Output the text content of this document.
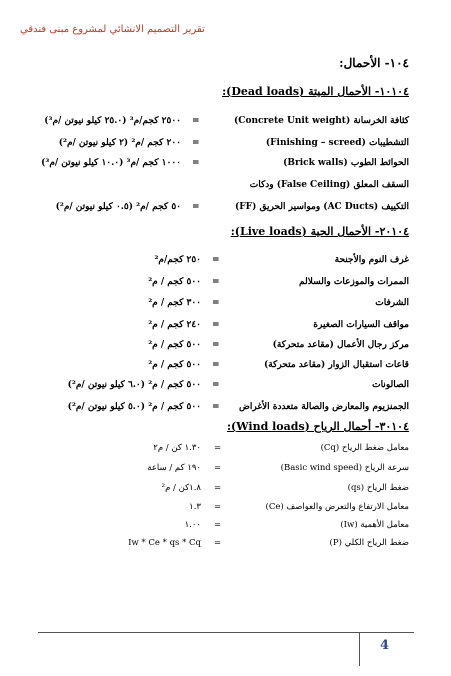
تقرير التصميم الانشائي لمشروع مبنى فندقي
١٠٤- الأحمال:
١٠١٠٤- الأحمال الميتة (Dead loads):
كثافة الخرسانة (Concrete Unit weight)
=
٢٥٠٠ كجم/م³ (٢٥.٠ كيلو نيوتن /م³)
التشطيبات (Finishing – screed)
=
٢٠٠ كجم /م² (٢ كيلو نيوتن /م²)
الحوائط الطوب (Brick walls)
=
١٠٠٠ كجم /م³ (١٠.٠ كيلو نيوتن /م³)
السقف المعلق (False Ceiling) ودكات
التكييف (AC Ducts) ومواسير الحريق (FF)
=
٥٠ كجم /م² (٠.٥ كيلو نيوتن /م²)
٢٠١٠٤- الأحمال الحية (Live loads):
غرف النوم والأجنحة
=
٢٥٠ كجم/م²
الممرات والموزعات والسلالم
=
٥٠٠ كجم / م²
الشرفات
=
٣٠٠ كجم / م²
مواقف السيارات الصغيرة
=
٢٤٠ كجم / م²
مركز رجال الأعمال (مقاعد متحركة)
=
٥٠٠ كجم / م²
قاعات استقبال الزوار (مقاعد متحركة)
=
٥٠٠ كجم / م²
الصالونات
=
٥٠٠ كجم / م² (٦.٠ كيلو نيوتن /م²)
الجمنزيوم والمعارض والصالة متعددة الأغراض
=
٥٠٠ كجم / م² (٥.٠ كيلو نيوتن /م²)
٣٠١٠٤- أحمال الرياح (Wind loads):
معامل ضغط الرياح (Cq)
=
١.٣٠ كن / م٢
سرعة الرياح (Basic wind speed)
=
١٩٠ كم / ساعة
ضغط الرياح (qs)
=
١.٨كن / م²
معامل الارتفاع والتعرض والعواصف (Ce)
=
١.٣
معامل الأهمية (Iw)
=
١.٠٠
ضغط الرياح الكلي (P)
=
Iw * Ce * qs * Cq
4
